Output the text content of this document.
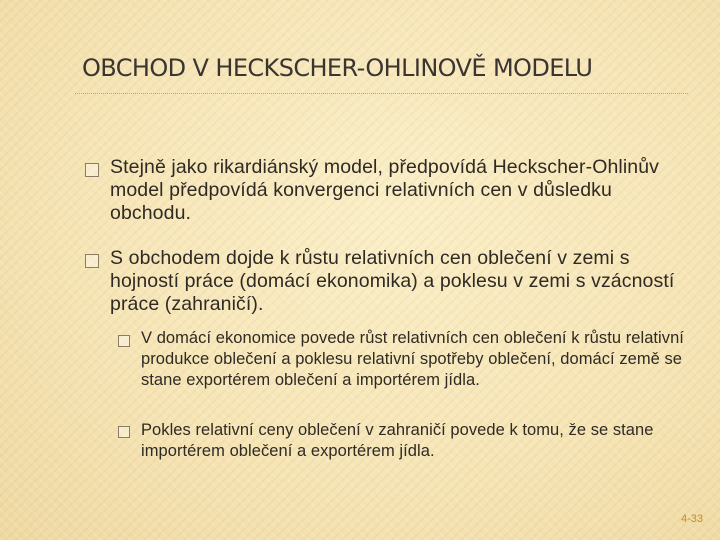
OBCHOD V HECKSCHER-OHLINOVĚ MODELU
Stejně jako rikardiánský model, předpovídá Heckscher-Ohlinův model předpovídá konvergenci relativních cen v důsledku obchodu.
S obchodem dojde k růstu relativních cen oblečení v zemi s hojností práce (domácí ekonomika) a poklesu v zemi s vzácností práce (zahraničí).
V domácí ekonomice povede růst relativních cen oblečení k růstu relativní produkce oblečení a poklesu relativní spotřeby oblečení, domácí země se stane exportérem oblečení a importérem jídla.
Pokles relativní ceny oblečení v zahraničí povede k tomu, že se stane importérem oblečení a exportérem jídla.
4-33
